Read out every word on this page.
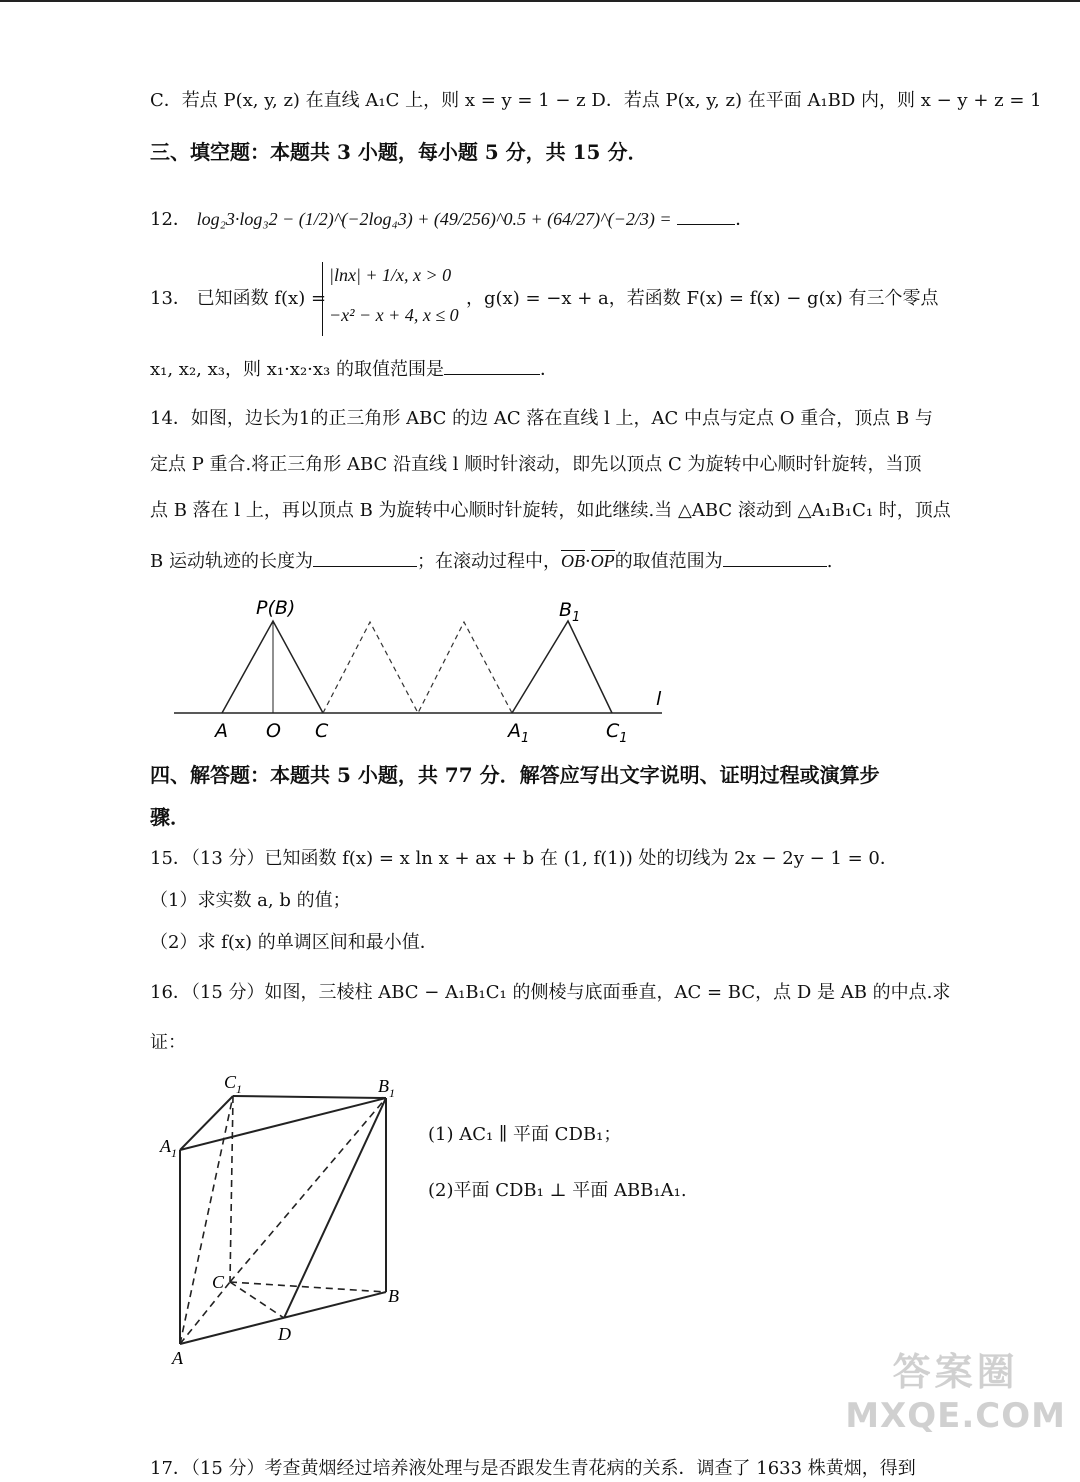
C．若点 P(x, y, z) 在直线 A₁C 上，则 x = y = 1 − z D．若点 P(x, y, z) 在平面 A₁BD 内，则 x − y + z = 1
三、填空题：本题共 3 小题，每小题 5 分，共 15 分．
12． log₂3·log₃2 − (1/2)^(−2log₄3) + (49/256)^0.5 + (64/27)^(−2/3) =	．
13． 已知函数 f(x) =
|lnx| + 1/x, x > 0
−x² − x + 4, x ≤ 0
，g(x) = −x + a，若函数 F(x) = f(x) − g(x) 有三个零点
x₁, x₂, x₃，则 x₁·x₂·x₃ 的取值范围是	．
14．如图，边长为1的正三角形 ABC 的边 AC 落在直线 l 上，AC 中点与定点 O 重合，顶点 B 与
定点 P 重合.将正三角形 ABC 沿直线 l 顺时针滚动，即先以顶点 C 为旋转中心顺时针旋转，当顶
点 B 落在 l 上，再以顶点 B 为旋转中心顺时针旋转，如此继续.当 △ABC 滚动到 △A₁B₁C₁ 时，顶点
B 运动轨迹的长度为	；在滚动过程中，OB·OP的取值范围为	.
P(B)	$B_1$
l
A O C	$A_1$	$C_1$
四、解答题：本题共 5 小题，共 77 分．解答应写出文字说明、证明过程或演算步
骤．
15．（13 分）已知函数 f(x) = x ln x + ax + b 在 (1, f(1)) 处的切线为 2x − 2y − 1 = 0．
（1）求实数 a, b 的值；
（2）求 f(x) 的单调区间和最小值．
16．（15 分）如图，三棱柱 ABC − A₁B₁C₁ 的侧棱与底面垂直，AC = BC，点 D 是 AB 的中点.求
证：
(1) AC₁ ∥ 平面 CDB₁；
(2)平面 CDB₁ ⊥ 平面 ABB₁A₁.
$C_1$	$B_1$
$A_1$
C
B
D
A
17．（15 分）考查黄烟经过培养液处理与是否跟发生青花病的关系．调查了 1633 株黄烟，得到
答案圈
MXQE.COM
